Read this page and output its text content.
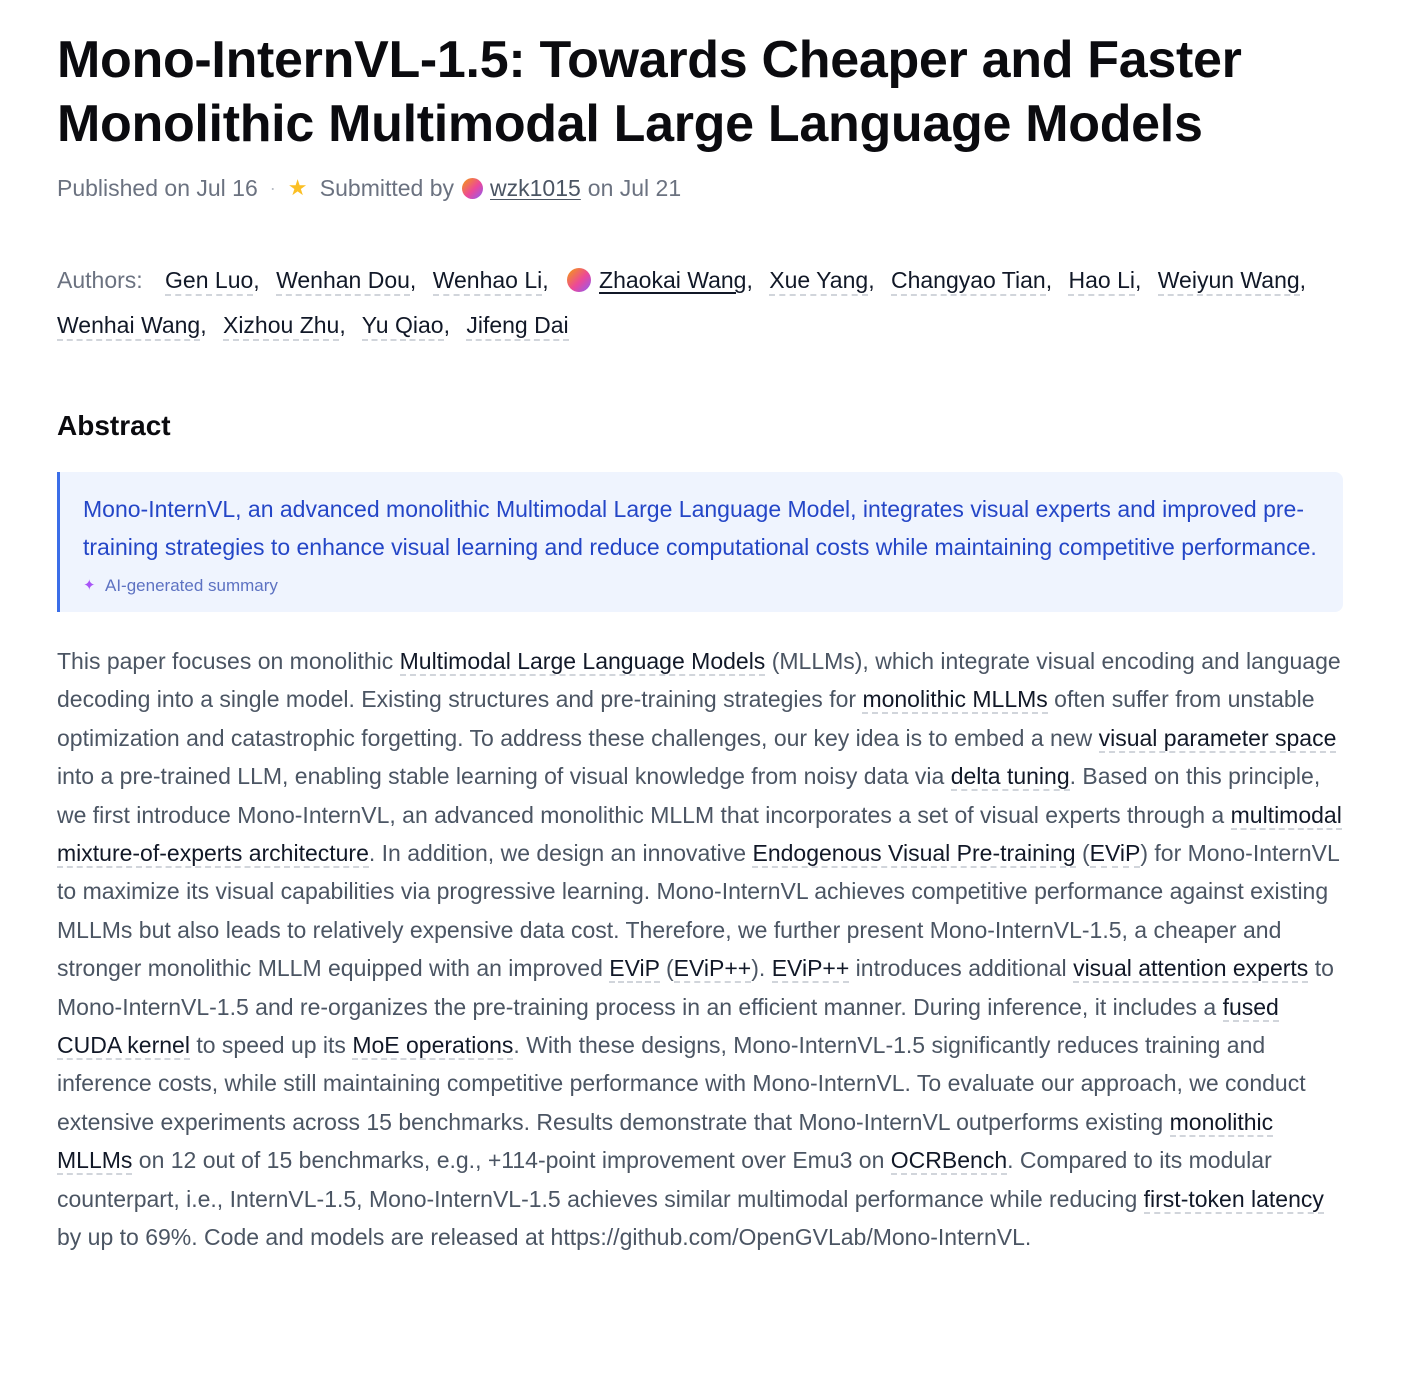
Mono-InternVL-1.5: Towards Cheaper and Faster Monolithic Multimodal Large Language Models
Published on Jul 16 · ★ Submitted by wzk1015 on Jul 21
Authors: Gen Luo, Wenhan Dou, Wenhao Li, Zhaokai Wang, Xue Yang, Changyao Tian, Hao Li, Weiyun Wang,
Wenhai Wang, Xizhou Zhu, Yu Qiao, Jifeng Dai
Abstract
Mono-InternVL, an advanced monolithic Multimodal Large Language Model, integrates visual experts and improved pre-training strategies to enhance visual learning and reduce computational costs while maintaining competitive performance.
✦ AI-generated summary
This paper focuses on monolithic Multimodal Large Language Models (MLLMs), which integrate visual encoding and language decoding into a single model. Existing structures and pre-training strategies for monolithic MLLMs often suffer from unstable optimization and catastrophic forgetting. To address these challenges, our key idea is to embed a new visual parameter space into a pre-trained LLM, enabling stable learning of visual knowledge from noisy data via delta tuning. Based on this principle, we first introduce Mono-InternVL, an advanced monolithic MLLM that incorporates a set of visual experts through a multimodal mixture-of-experts architecture. In addition, we design an innovative Endogenous Visual Pre-training (EViP) for Mono-InternVL to maximize its visual capabilities via progressive learning. Mono-InternVL achieves competitive performance against existing MLLMs but also leads to relatively expensive data cost. Therefore, we further present Mono-InternVL-1.5, a cheaper and stronger monolithic MLLM equipped with an improved EViP (EViP++). EViP++ introduces additional visual attention experts to Mono-InternVL-1.5 and re-organizes the pre-training process in an efficient manner. During inference, it includes a fused CUDA kernel to speed up its MoE operations. With these designs, Mono-InternVL-1.5 significantly reduces training and inference costs, while still maintaining competitive performance with Mono-InternVL. To evaluate our approach, we conduct extensive experiments across 15 benchmarks. Results demonstrate that Mono-InternVL outperforms existing monolithic MLLMs on 12 out of 15 benchmarks, e.g., +114-point improvement over Emu3 on OCRBench. Compared to its modular counterpart, i.e., InternVL-1.5, Mono-InternVL-1.5 achieves similar multimodal performance while reducing first-token latency by up to 69%. Code and models are released at https://github.com/OpenGVLab/Mono-InternVL.
